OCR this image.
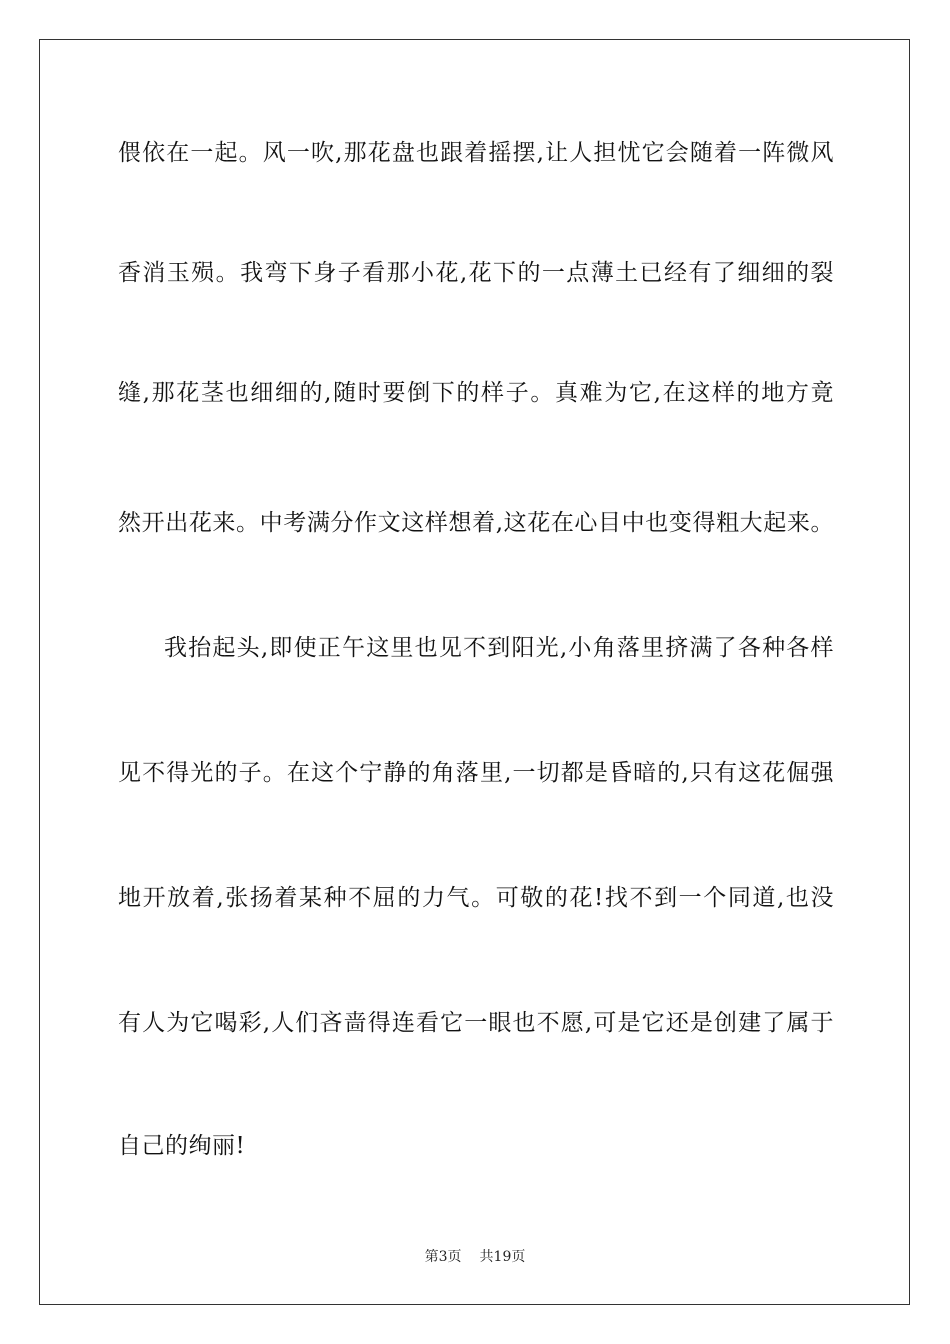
偎依在一起。风一吹,那花盘也跟着摇摆,让人担忧它会随着一阵微风
香消玉殒。我弯下身子看那小花,花下的一点薄土已经有了细细的裂
缝,那花茎也细细的,随时要倒下的样子。真难为它,在这样的地方竟
然开出花来。中考满分作文这样想着,这花在心目中也变得粗大起来。
我抬起头,即使正午这里也见不到阳光,小角落里挤满了各种各样
见不得光的子。在这个宁静的角落里,一切都是昏暗的,只有这花倔强
地开放着,张扬着某种不屈的力气。可敬的花!找不到一个同道,也没
有人为它喝彩,人们吝啬得连看它一眼也不愿,可是它还是创建了属于
自己的绚丽!
第3页 共19页
